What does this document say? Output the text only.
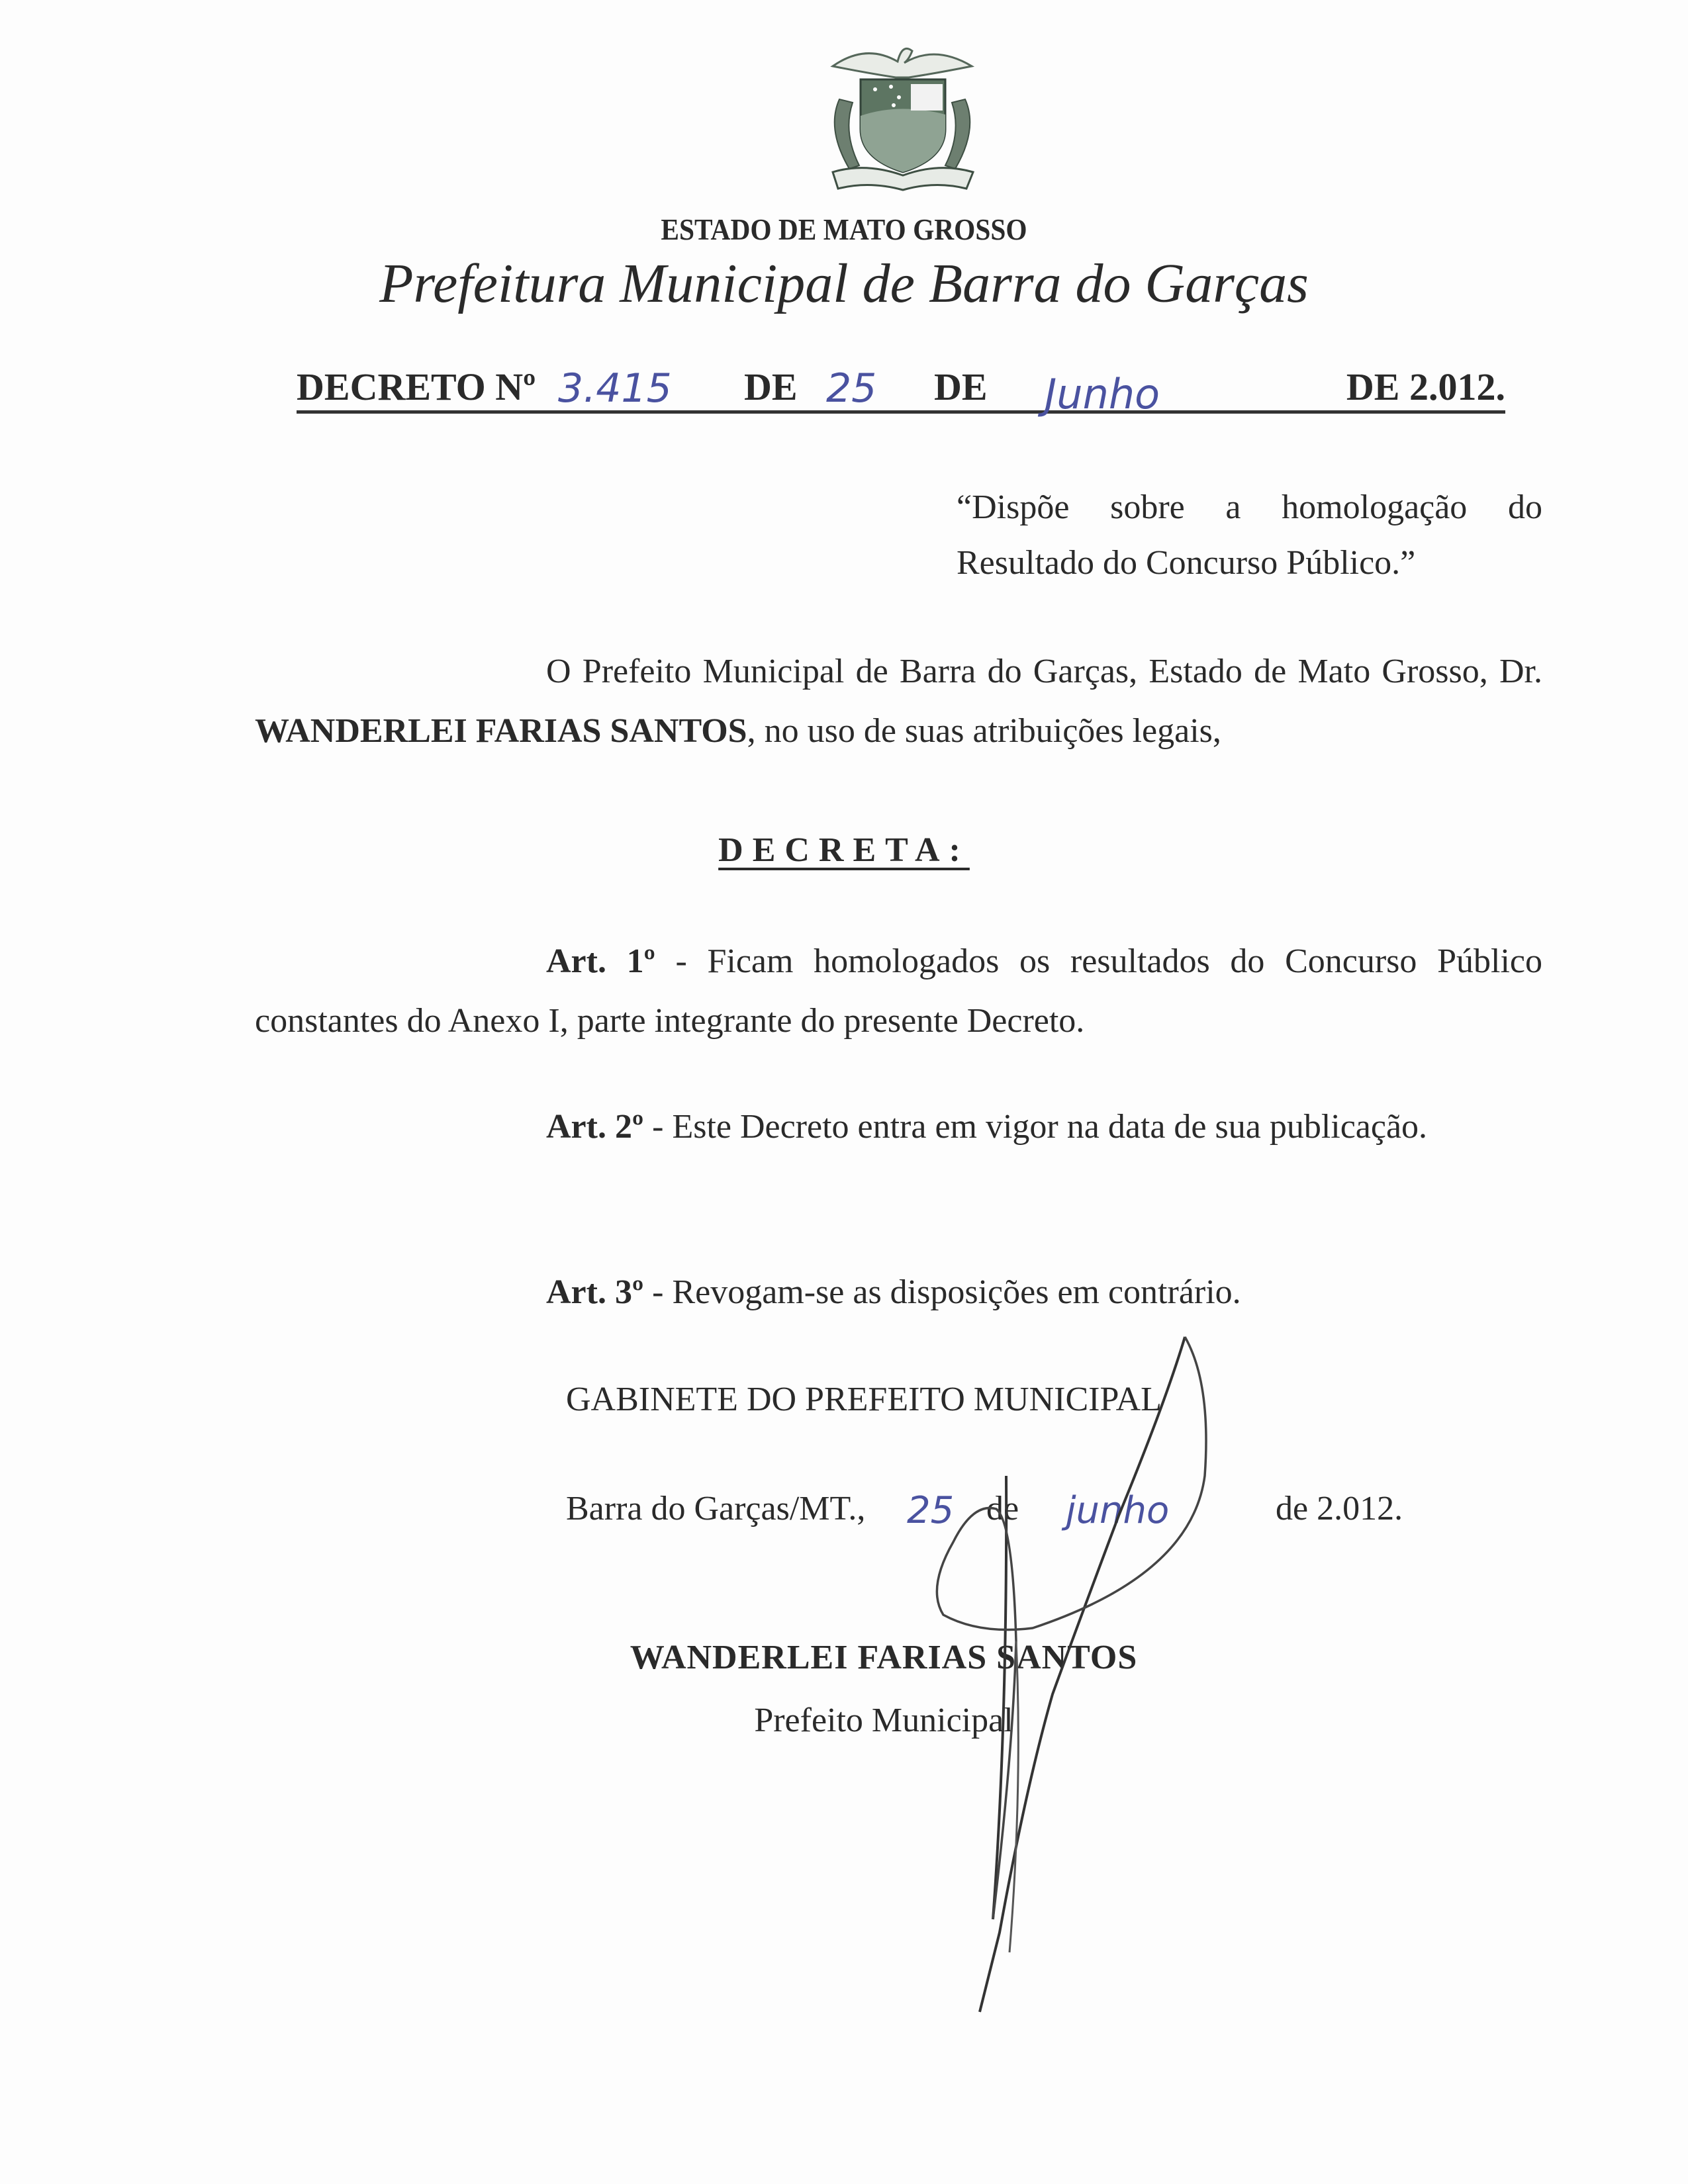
ESTADO DE MATO GROSSO
Prefeitura Municipal de Barra do Garças
DECRETO Nº 3.415 DE 25 DE Junho	DE 2.012.
“Dispõe sobre a homologação do Resultado do Concurso Público.”
O Prefeito Municipal de Barra do Garças, Estado de Mato Grosso, Dr. WANDERLEI FARIAS SANTOS, no uso de suas atribuições legais,
DECRETA:
Art. 1º - Ficam homologados os resultados do Concurso Público constantes do Anexo I, parte integrante do presente Decreto.
Art. 2º - Este Decreto entra em vigor na data de sua publicação.
Art. 3º - Revogam-se as disposições em contrário.
GABINETE DO PREFEITO MUNICIPAL
Barra do Garças/MT., 25 de junho	de 2.012.
WANDERLEI FARIAS SANTOS
Prefeito Municipal
